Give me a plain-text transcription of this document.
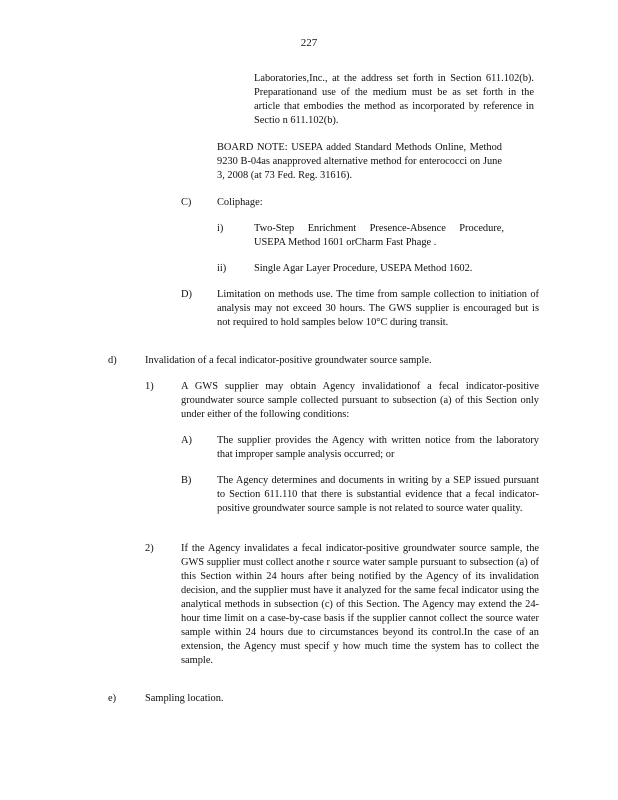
227

Laboratories,Inc., at the address set forth in Section 611.102(b). Preparationand use of the medium must be as set forth in the article that embodies the method as incorporated by reference in Sectio n 611.102(b).

BOARD NOTE: USEPA added Standard Methods Online, Method 9230 B-04as anapproved alternative method for enterococci on June 3, 2008 (at 73 Fed. Reg. 31616).

C) Coliphage:
i)	Two-Step Enrichment Presence-Absence Procedure, USEPA Method 1601 orCharm Fast Phage .

ii)	Single Agar Layer Procedure, USEPA Method 1602.

D) Limitation on methods use. The time from sample collection to initiation of analysis may not exceed 30 hours. The GWS supplier is encouraged but is not required to hold samples below 10°C during transit.

d)	Invalidation of a fecal indicator-positive groundwater source sample.

1)	A GWS supplier may obtain Agency invalidationof a fecal indicator-positive groundwater source sample collected pursuant to subsection (a) of this Section only under either of the following conditions:

A) The supplier provides the Agency with written notice from the laboratory that improper sample analysis occurred; or

B) The Agency determines and documents in writing by a SEP issued pursuant to Section 611.110 that there is substantial evidence that a fecal indicator-positive groundwater source sample is not related to source water quality.

2)	If the Agency invalidates a fecal indicator-positive groundwater source sample, the GWS supplier must collect anothe r source water sample pursuant to subsection (a) of this Section within 24 hours after being notified by the Agency of its invalidation decision, and the supplier must have it analyzed for the same fecal indicator using the analytical methods in subsection (c) of this Section. The Agency may extend the 24-hour time limit on a case-by-case basis if the supplier cannot collect the source water sample within 24 hours due to circumstances beyond its control.In the case of an extension, the Agency must specif y how much time the system has to collect the sample.

e)	Sampling location.
